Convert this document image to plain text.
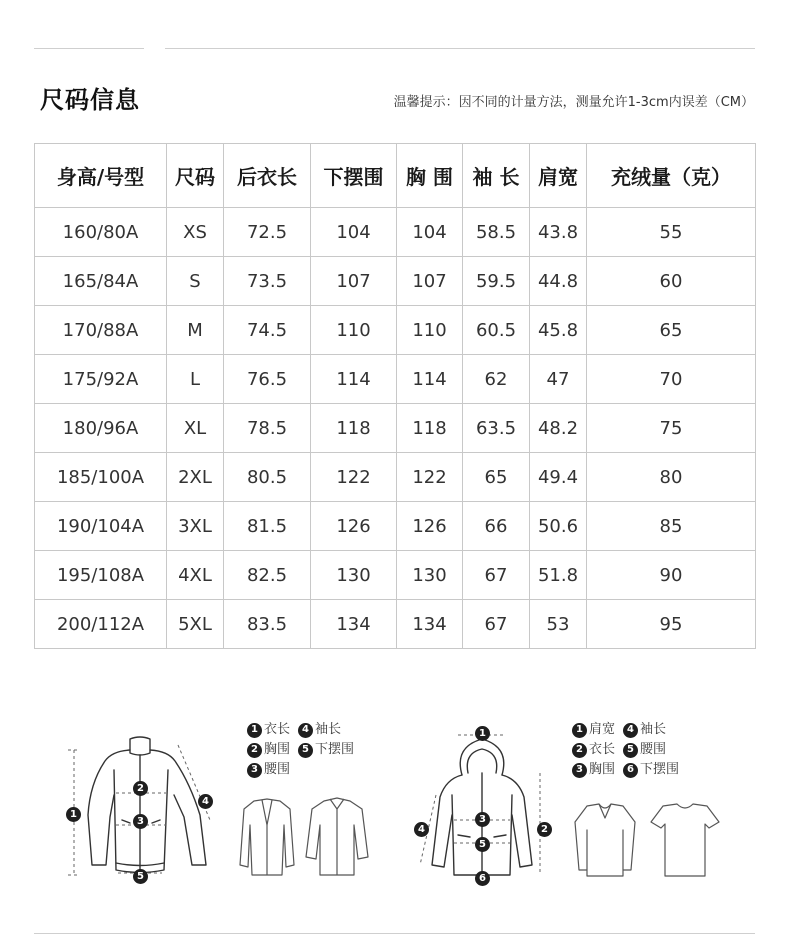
尺码信息	温馨提示：因不同的计量方法，测量允许1-3cm内误差（CM）
身高/号型	尺码	后衣长	下摆围	胸 围	袖 长	肩宽	充绒量（克）
160/80A	XS	72.5	104	104	58.5	43.8	55
165/84A	S	73.5	107	107	59.5	44.8	60
170/88A	M	74.5	110	110	60.5	45.8	65
175/92A	L	76.5	114	114	62	47	70
180/96A	XL	78.5	118	118	63.5	48.2	75
185/100A	2XL	80.5	122	122	65	49.4	80
190/104A	3XL	81.5	126	126	66	50.6	85
195/108A	4XL	82.5	130	130	67	51.8	90
200/112A	5XL	83.5	134	134	67	53	95
1
2
3
4
5
1 衣长	4 袖长
2 胸围	5 下摆围
3 腰围
1
2
3
4
5
6
1 肩宽	4 袖长
2 衣长	5 腰围
3 胸围	6 下摆围
